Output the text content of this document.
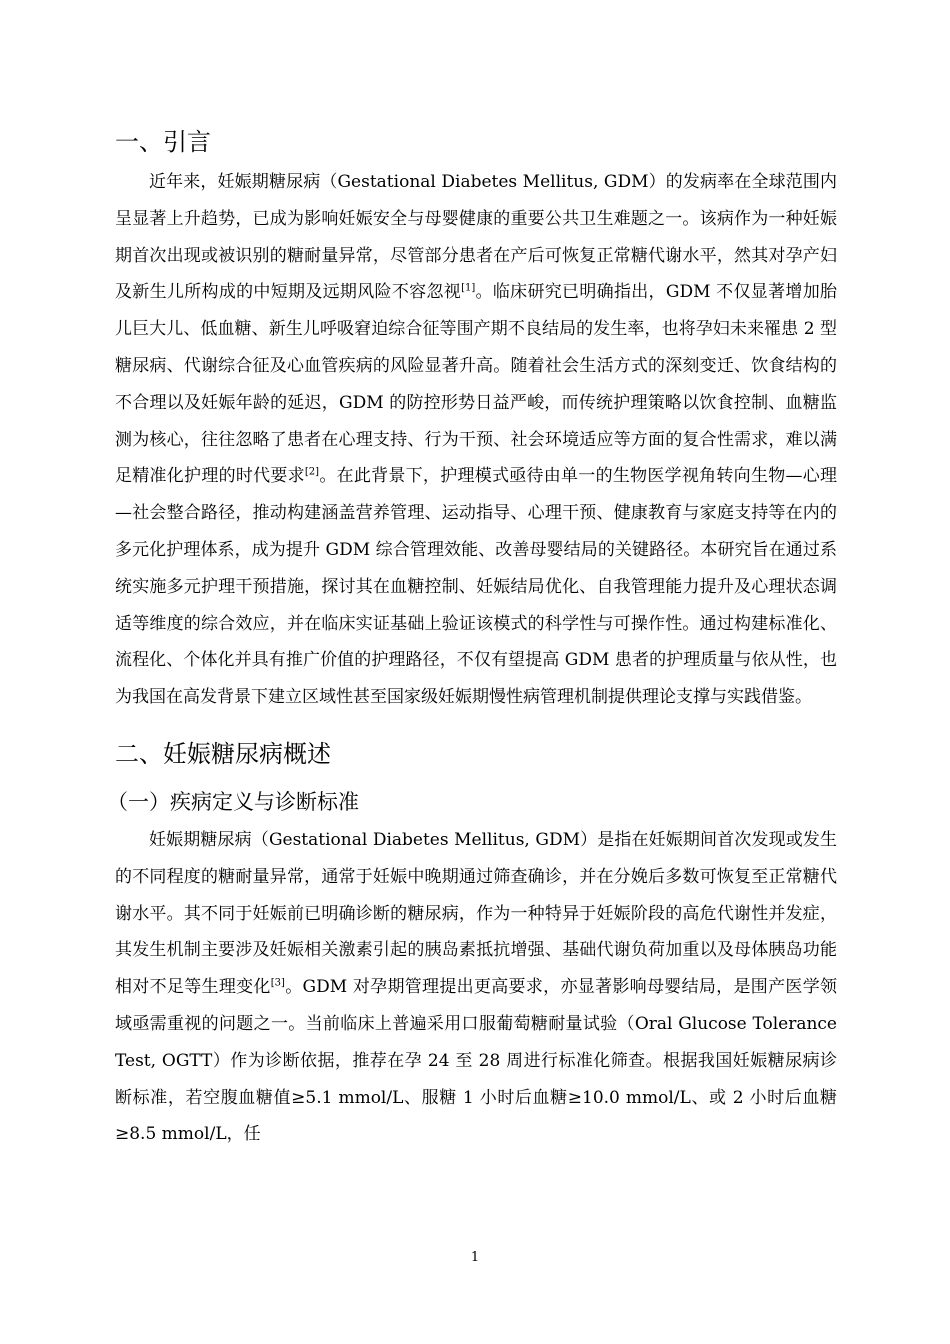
一、引言

近年来，妊娠期糖尿病（Gestational Diabetes Mellitus, GDM）的发病率在全球范围内呈显著上升趋势，已成为影响妊娠安全与母婴健康的重要公共卫生难题之一。该病作为一种妊娠期首次出现或被识别的糖耐量异常，尽管部分患者在产后可恢复正常糖代谢水平，然其对孕产妇及新生儿所构成的中短期及远期风险不容忽视[1]。临床研究已明确指出，GDM 不仅显著增加胎儿巨大儿、低血糖、新生儿呼吸窘迫综合征等围产期不良结局的发生率，也将孕妇未来罹患 2 型糖尿病、代谢综合征及心血管疾病的风险显著升高。随着社会生活方式的深刻变迁、饮食结构的不合理以及妊娠年龄的延迟，GDM 的防控形势日益严峻，而传统护理策略以饮食控制、血糖监测为核心，往往忽略了患者在心理支持、行为干预、社会环境适应等方面的复合性需求，难以满足精准化护理的时代要求[2]。在此背景下，护理模式亟待由单一的生物医学视角转向生物—心理—社会整合路径，推动构建涵盖营养管理、运动指导、心理干预、健康教育与家庭支持等在内的多元化护理体系，成为提升 GDM 综合管理效能、改善母婴结局的关键路径。本研究旨在通过系统实施多元护理干预措施，探讨其在血糖控制、妊娠结局优化、自我管理能力提升及心理状态调适等维度的综合效应，并在临床实证基础上验证该模式的科学性与可操作性。通过构建标准化、流程化、个体化并具有推广价值的护理路径，不仅有望提高 GDM 患者的护理质量与依从性，也为我国在高发背景下建立区域性甚至国家级妊娠期慢性病管理机制提供理论支撑与实践借鉴。

二、妊娠糖尿病概述
（一）疾病定义与诊断标准

妊娠期糖尿病（Gestational Diabetes Mellitus, GDM）是指在妊娠期间首次发现或发生的不同程度的糖耐量异常，通常于妊娠中晚期通过筛查确诊，并在分娩后多数可恢复至正常糖代谢水平。其不同于妊娠前已明确诊断的糖尿病，作为一种特异于妊娠阶段的高危代谢性并发症，其发生机制主要涉及妊娠相关激素引起的胰岛素抵抗增强、基础代谢负荷加重以及母体胰岛功能相对不足等生理变化[3]。GDM 对孕期管理提出更高要求，亦显著影响母婴结局，是围产医学领域亟需重视的问题之一。当前临床上普遍采用口服葡萄糖耐量试验（Oral Glucose Tolerance Test, OGTT）作为诊断依据，推荐在孕 24 至 28 周进行标准化筛查。根据我国妊娠糖尿病诊断标准，若空腹血糖值≥5.1 mmol/L、服糖 1 小时后血糖≥10.0 mmol/L、或 2 小时后血糖≥8.5 mmol/L，任

1
